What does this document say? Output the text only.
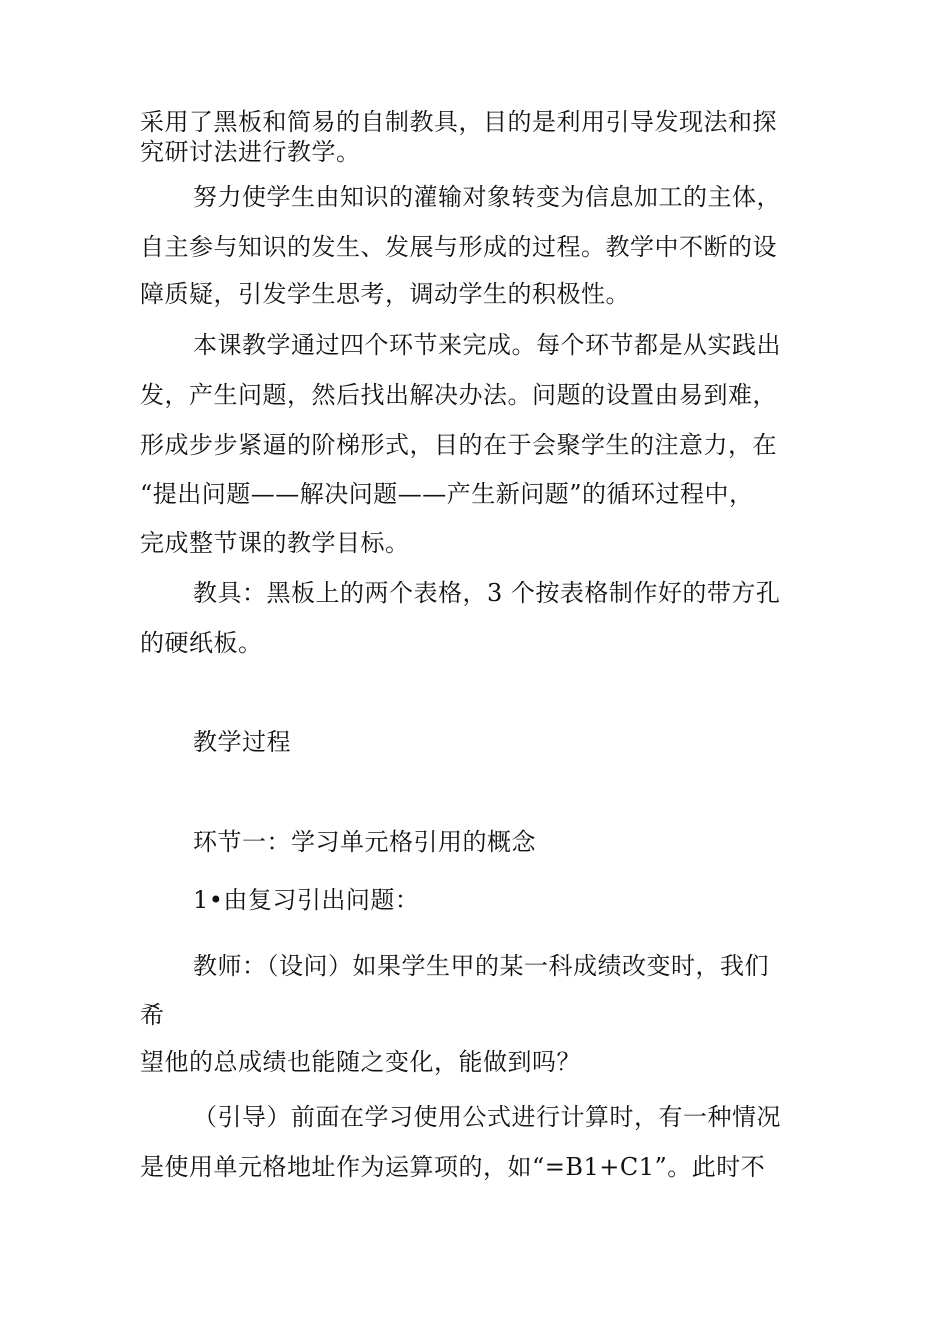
采用了黑板和简易的自制教具，目的是利用引导发现法和探
究研讨法进行教学。
努力使学生由知识的灌输对象转变为信息加工的主体，
自主参与知识的发生、发展与形成的过程。教学中不断的设
障质疑，引发学生思考，调动学生的积极性。
本课教学通过四个环节来完成。每个环节都是从实践出
发，产生问题，然后找出解决办法。问题的设置由易到难，
形成步步紧逼的阶梯形式，目的在于会聚学生的注意力，在
“提出问题——解决问题——产生新问题”的循环过程中，
完成整节课的教学目标。
教具：黑板上的两个表格，3 个按表格制作好的带方孔
的硬纸板。
教学过程
环节一：学习单元格引用的概念
1•由复习引出问题：
教师：（设问）如果学生甲的某一科成绩改变时，我们
希
望他的总成绩也能随之变化，能做到吗？
（引导）前面在学习使用公式进行计算时，有一种情况
是使用单元格地址作为运算项的，如“=B1+C1”。此时不
